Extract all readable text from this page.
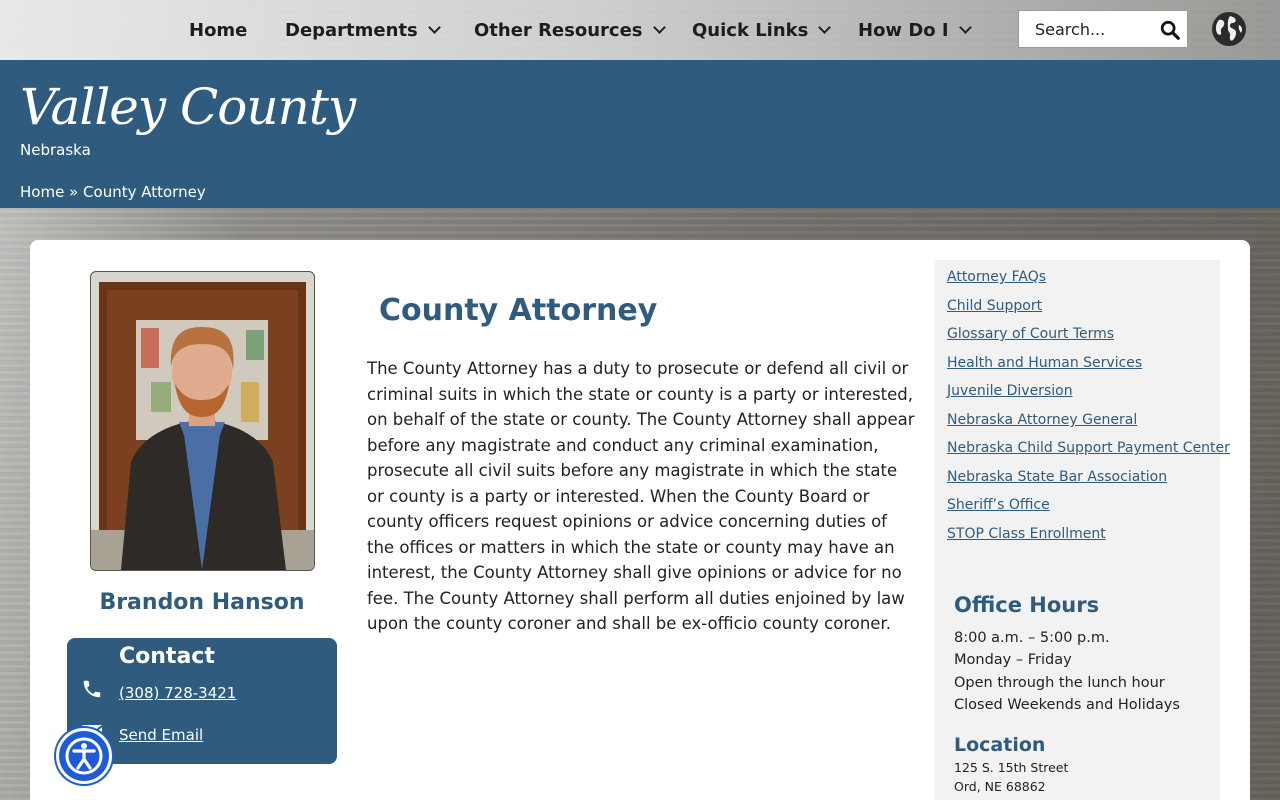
Home Departments	Other Resources	Quick Links	How Do I
Search...
Valley County
Nebraska
Home » County Attorney
Brandon Hanson
Contact
(308) 728-3421
Send Email
County Attorney
The County Attorney has a duty to prosecute or defend all civil or criminal suits in which the state or county is a party or interested, on behalf of the state or county. The County Attorney shall appear before any magistrate and conduct any criminal examination, prosecute all civil suits before any magistrate in which the state or county is a party or interested. When the County Board or county officers request opinions or advice concerning duties of the offices or matters in which the state or county may have an interest, the County Attorney shall give opinions or advice for no fee. The County Attorney shall perform all duties enjoined by law upon the county coroner and shall be ex-officio county coroner.
Attorney FAQs
Child Support
Glossary of Court Terms
Health and Human Services
Juvenile Diversion
Nebraska Attorney General
Nebraska Child Support Payment Center
Nebraska State Bar Association
Sheriff’s Office
STOP Class Enrollment
Office Hours
8:00 a.m. – 5:00 p.m.
Monday – Friday
Open through the lunch hour
Closed Weekends and Holidays
Location
125 S. 15th Street
Ord, NE 68862
